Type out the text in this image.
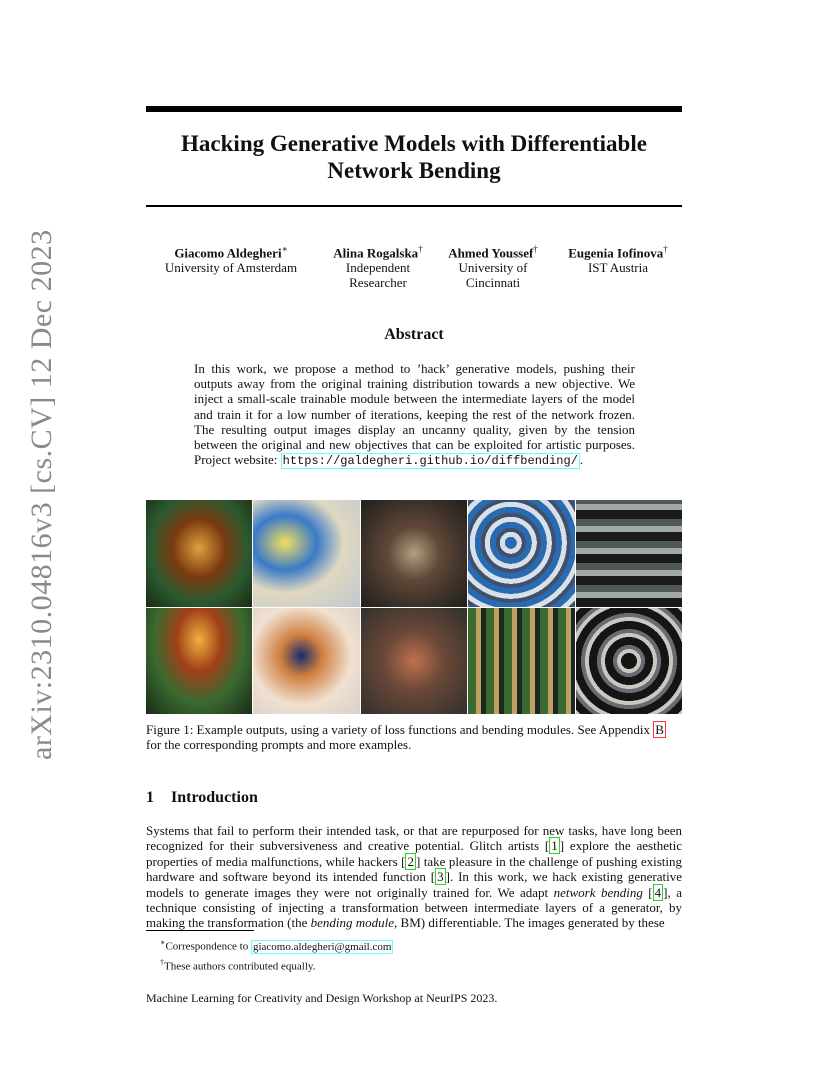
arXiv:2310.04816v3 [cs.CV] 12 Dec 2023
Hacking Generative Models with Differentiable
Network Bending
Giacomo Aldegheri∗
University of Amsterdam
Alina Rogalska†
Independent
Researcher
Ahmed Youssef†
University of
Cincinnati
Eugenia Iofinova†
IST Austria
Abstract
In this work, we propose a method to ’hack’ generative models, pushing their outputs away from the original training distribution towards a new objective. We inject a small-scale trainable module between the intermediate layers of the model and train it for a low number of iterations, keeping the rest of the network frozen. The resulting output images display an uncanny quality, given by the tension between the original and new objectives that can be exploited for artistic purposes. Project website: https://galdegheri.github.io/diffbending/ .
Figure 1: Example outputs, using a variety of loss functions and bending modules. See Appendix B for the corresponding prompts and more examples.
1 Introduction
Systems that fail to perform their intended task, or that are repurposed for new tasks, have long been recognized for their subversiveness and creative potential. Glitch artists [ 1 ] explore the aesthetic properties of media malfunctions, while hackers [ 2 ] take pleasure in the challenge of pushing existing hardware and software beyond its intended function [ 3 ]. In this work, we hack existing generative models to generate images they were not originally trained for. We adapt network bending [ 4 ], a technique consisting of injecting a transformation between intermediate layers of a generator, by making the transformation (the bending module, BM) differentiable. The images generated by these
∗Correspondence to giacomo.aldegheri@gmail.com
†These authors contributed equally.
Machine Learning for Creativity and Design Workshop at NeurIPS 2023.
